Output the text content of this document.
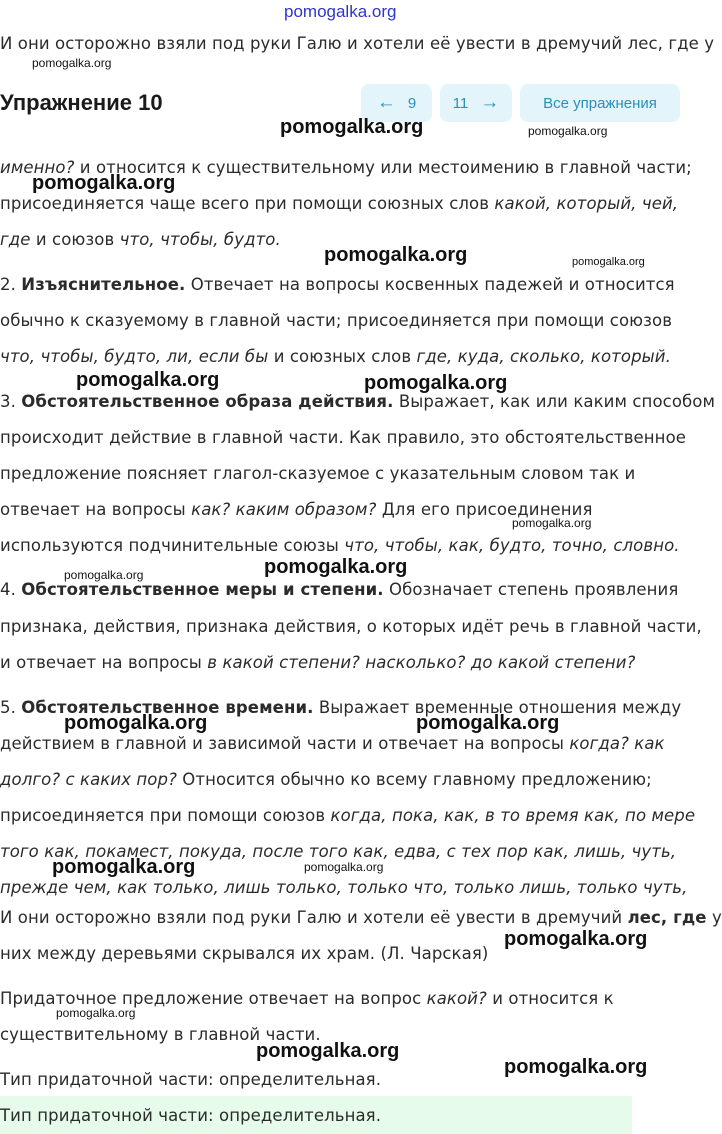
pomogalka.org
И они осторожно взяли под руки Галю и хотели её увести в дремучий лес, где у
pomogalka.org
Упражнение 10	← 9 11 →	Все упражнения
pomogalka.org	pomogalka.org
именно? и относится к существительному или местоимению в главной части;
pomogalka.org
присоединяется чаще всего при помощи союзных слов какой, который, чей,
где и союзов что, чтобы, будто.
pomogalka.org	pomogalka.org
2. Изъяснительное. Отвечает на вопросы косвенных падежей и относится
обычно к сказуемому в главной части; присоединяется при помощи союзов
что, чтобы, будто, ли, если бы и союзных слов где, куда, сколько, который.
pomogalka.org	pomogalka.org
3. Обстоятельственное образа действия. Выражает, как или каким способом
происходит действие в главной части. Как правило, это обстоятельственное
предложение поясняет глагол-сказуемое с указательным словом так и
отвечает на вопросы как? каким образом? Для его присоединения
pomogalka.org
используются подчинительные союзы что, чтобы, как, будто, точно, словно.
pomogalka.org
pomogalka.org
4. Обстоятельственное меры и степени. Обозначает степень проявления
признака, действия, признака действия, о которых идёт речь в главной части,
и отвечает на вопросы в какой степени? насколько? до какой степени?
5. Обстоятельственное времени. Выражает временные отношения между
pomogalka.org	pomogalka.org
действием в главной и зависимой части и отвечает на вопросы когда? как
долго? с каких пор? Относится обычно ко всему главному предложению;
присоединяется при помощи союзов когда, пока, как, в то время как, по мере
того как, покамест, покуда, после того как, едва, с тех пор как, лишь, чуть,
pomogalka.org	pomogalka.org
прежде чем, как только, лишь только, только что, только лишь, только чуть,
И они осторожно взяли под руки Галю и хотели её увести в дремучий лес, где у
pomogalka.org
них между деревьями скрывался их храм. (Л. Чарская)
Придаточное предложение отвечает на вопрос какой? и относится к
pomogalka.org
существительному в главной части.
pomogalka.org
pomogalka.org
Тип придаточной части: определительная.
Тип придаточной части: определительная.
